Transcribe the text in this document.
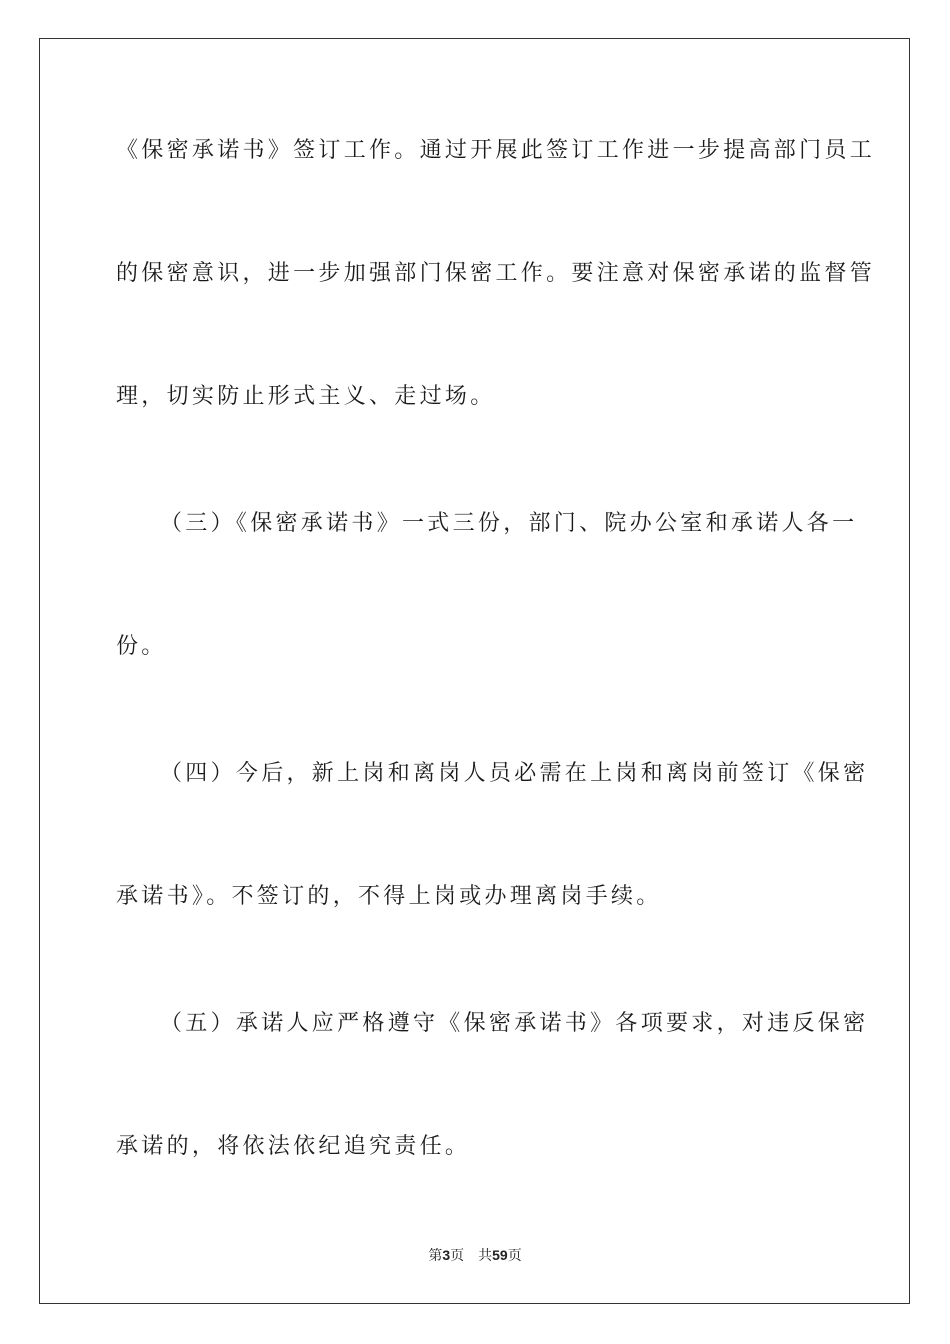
《保密承诺书》签订工作。通过开展此签订工作进一步提高部门员工
的保密意识，进一步加强部门保密工作。要注意对保密承诺的监督管
理，切实防止形式主义、走过场。
（三）《保密承诺书》一式三份，部门、院办公室和承诺人各一
份。
（四）今后，新上岗和离岗人员必需在上岗和离岗前签订《保密
承诺书》。不签订的，不得上岗或办理离岗手续。
（五）承诺人应严格遵守《保密承诺书》各项要求，对违反保密
承诺的，将依法依纪追究责任。
第3页 共59页
